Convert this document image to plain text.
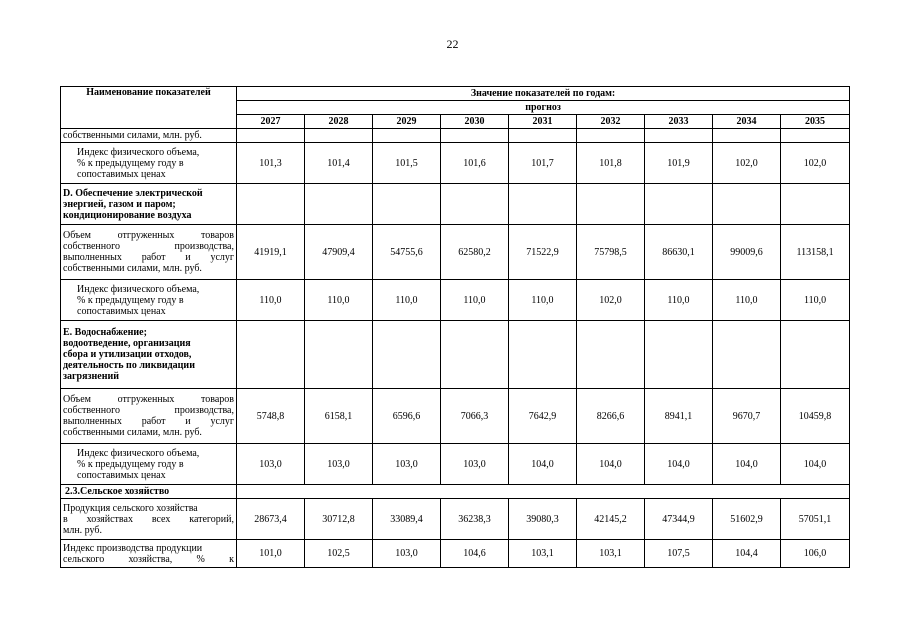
22
Наименование показателей	Значение показателей по годам:								
	прогноз								
	2027	2028	2029	2030	2031	2032	2033	2034	2035
собственными силами, млн. руб.									

Индекс физического объема,
% к предыдущему году в
сопоставимых ценах	101,3	101,4	101,5	101,6	101,7	101,8	101,9	102,0	102,0

D. Обеспечение электрической
энергией, газом и паром;
кондиционирование воздуха									

Объем отгруженных товаров
собственного производства,
выполненных работ и услуг
собственными силами, млн. руб.	41919,1	47909,4	54755,6	62580,2	71522,9	75798,5	86630,1	99009,6	113158,1

Индекс физического объема,
% к предыдущему году в
сопоставимых ценах	110,0	110,0	110,0	110,0	110,0	102,0	110,0	110,0	110,0

E. Водоснабжение;
водоотведение, организация
сбора и утилизации отходов,
деятельность по ликвидации
загрязнений									

Объем отгруженных товаров
собственного производства,
выполненных работ и услуг
собственными силами, млн. руб.	5748,8	6158,1	6596,6	7066,3	7642,9	8266,6	8941,1	9670,7	10459,8

Индекс физического объема,
% к предыдущему году в
сопоставимых ценах	103,0	103,0	103,0	103,0	104,0	104,0	104,0	104,0	104,0

2.3.Сельское хозяйство									

Продукция сельского хозяйства
в хозяйствах всех категорий,
млн. руб.	28673,4	30712,8	33089,4	36238,3	39080,3	42145,2	47344,9	51602,9	57051,1

Индекс производства продукции
сельского хозяйства, % к	101,0	102,5	103,0	104,6	103,1	103,1	107,5	104,4	106,0
